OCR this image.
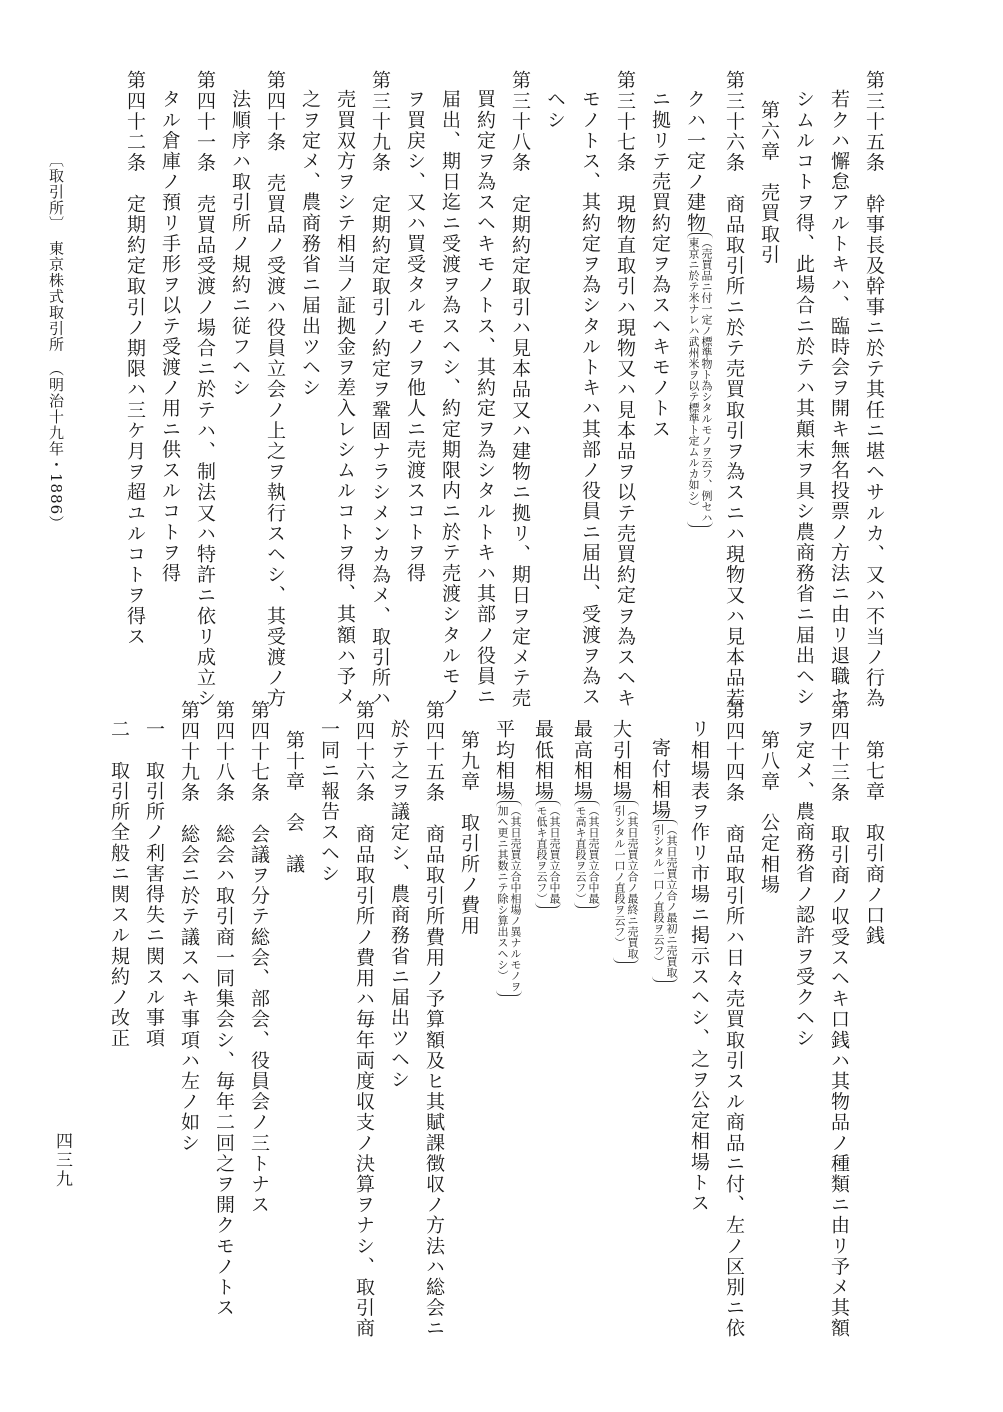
第三十五条　幹事長及幹事ニ於テ其任ニ堪ヘサルカ、又ハ不当ノ行為
若クハ懈怠アルトキハ、臨時会ヲ開キ無名投票ノ方法ニ由リ退職セ
シムルコトヲ得、此場合ニ於テハ其顛末ヲ具シ農商務省ニ届出ヘシ
第六章　売買取引
第三十六条　商品取引所ニ於テ売買取引ヲ為スニハ現物又ハ見本品若
クハ一定ノ建物
（売買品ニ付一定ノ標準物ト為シタルモノヲ云フ、例セハ
東京ニ於テ米ナレハ武州米ヲ以テ標準ト定ムルカ如シ）
ニ拠リテ売買約定ヲ為スヘキモノトス
第三十七条　現物直取引ハ現物又ハ見本品ヲ以テ売買約定ヲ為スヘキ
モノトス、其約定ヲ為シタルトキハ其部ノ役員ニ届出、受渡ヲ為ス
ヘシ
第三十八条　定期約定取引ハ見本品又ハ建物ニ拠リ、期日ヲ定メテ売
買約定ヲ為スヘキモノトス、其約定ヲ為シタルトキハ其部ノ役員ニ
届出、期日迄ニ受渡ヲ為スヘシ、約定期限内ニ於テ売渡シタルモノ
ヲ買戻シ、又ハ買受タルモノヲ他人ニ売渡スコトヲ得
第三十九条　定期約定取引ノ約定ヲ鞏固ナラシメンカ為メ、取引所ハ
売買双方ヲシテ相当ノ証拠金ヲ差入レシムルコトヲ得、其額ハ予メ
之ヲ定メ、農商務省ニ届出ツヘシ
第四十条　売買品ノ受渡ハ役員立会ノ上之ヲ執行スヘシ、其受渡ノ方
法順序ハ取引所ノ規約ニ従フヘシ
第四十一条　売買品受渡ノ場合ニ於テハ、制法又ハ特許ニ依リ成立シ
タル倉庫ノ預リ手形ヲ以テ受渡ノ用ニ供スルコトヲ得
第四十二条　定期約定取引ノ期限ハ三ケ月ヲ超ユルコトヲ得ス
第七章　取引商ノ口銭
第四十三条　取引商ノ収受スヘキ口銭ハ其物品ノ種類ニ由リ予メ其額
ヲ定メ、農商務省ノ認許ヲ受クヘシ
第八章　公定相場
第四十四条　商品取引所ハ日々売買取引スル商品ニ付、左ノ区別ニ依
リ相場表ヲ作リ市場ニ掲示スヘシ、之ヲ公定相場トス
寄付相場
（其日売買立合ノ最初ニ売買取
引シタル一口ノ直段ヲ云フ）
大引相場
（其日売買立合ノ最終ニ売買取
引シタル一口ノ直段ヲ云フ）
最高相場
（其日売買立合中最
モ高キ直段ヲ云フ）
最低相場
（其日売買立合中最
モ低キ直段ヲ云フ）
平均相場
（其日売買立合中相場ノ異ナルモノヲ
加ヘ更ニ其数ニテ除シ算出スヘシ）
第九章　取引所ノ費用
第四十五条　商品取引所費用ノ予算額及ヒ其賦課徴収ノ方法ハ総会ニ
於テ之ヲ議定シ、農商務省ニ届出ツヘシ
第四十六条　商品取引所ノ費用ハ毎年両度収支ノ決算ヲナシ、取引商
一同ニ報告スヘシ
第十章　会　議
第四十七条　会議ヲ分テ総会、部会、役員会ノ三トナス
第四十八条　総会ハ取引商一同集会シ、毎年二回之ヲ開クモノトス
第四十九条　総会ニ於テ議スヘキ事項ハ左ノ如シ
一　取引所ノ利害得失ニ関スル事項
二　取引所全般ニ関スル規約ノ改正
〔取引所〕　東京株式取引所　（明治十九年・1886）
四三九
